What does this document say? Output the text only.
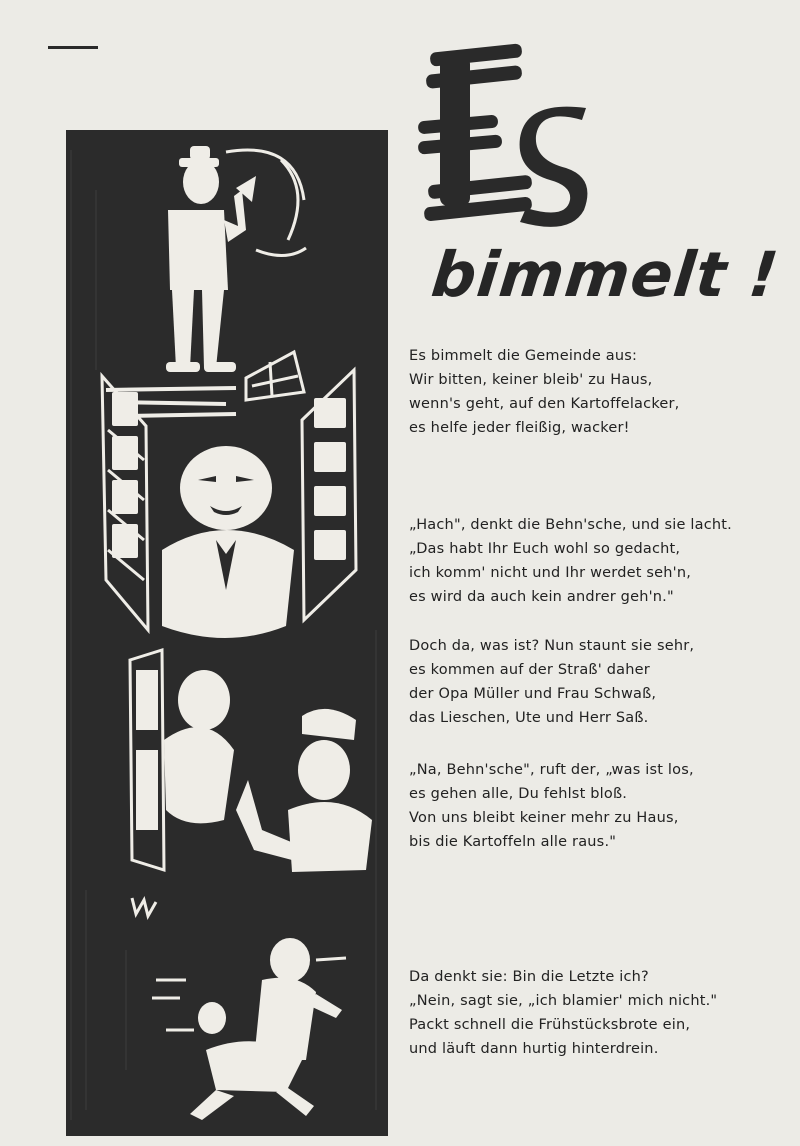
bimmelt !

Es bimmelt die Gemeinde aus:

Wir bitten, keiner bleib' zu Haus,

wenn's geht, auf den Kartoffelacker,

es helfe jeder fleißig, wacker!

„Hach", denkt die Behn'sche, und sie lacht.

„Das habt Ihr Euch wohl so gedacht,

ich komm' nicht und Ihr werdet seh'n,

es wird da auch kein andrer geh'n."

Doch da, was ist? Nun staunt sie sehr,

es kommen auf der Straß' daher

der Opa Müller und Frau Schwaß,

das Lieschen, Ute und Herr Saß.

„Na, Behn'sche", ruft der, „was ist los,

es gehen alle, Du fehlst bloß.

Von uns bleibt keiner mehr zu Haus,

bis die Kartoffeln alle raus."

Da denkt sie: Bin die Letzte ich?

„Nein, sagt sie, „ich blamier' mich nicht."

Packt schnell die Frühstücksbrote ein,

und läuft dann hurtig hinterdrein.
